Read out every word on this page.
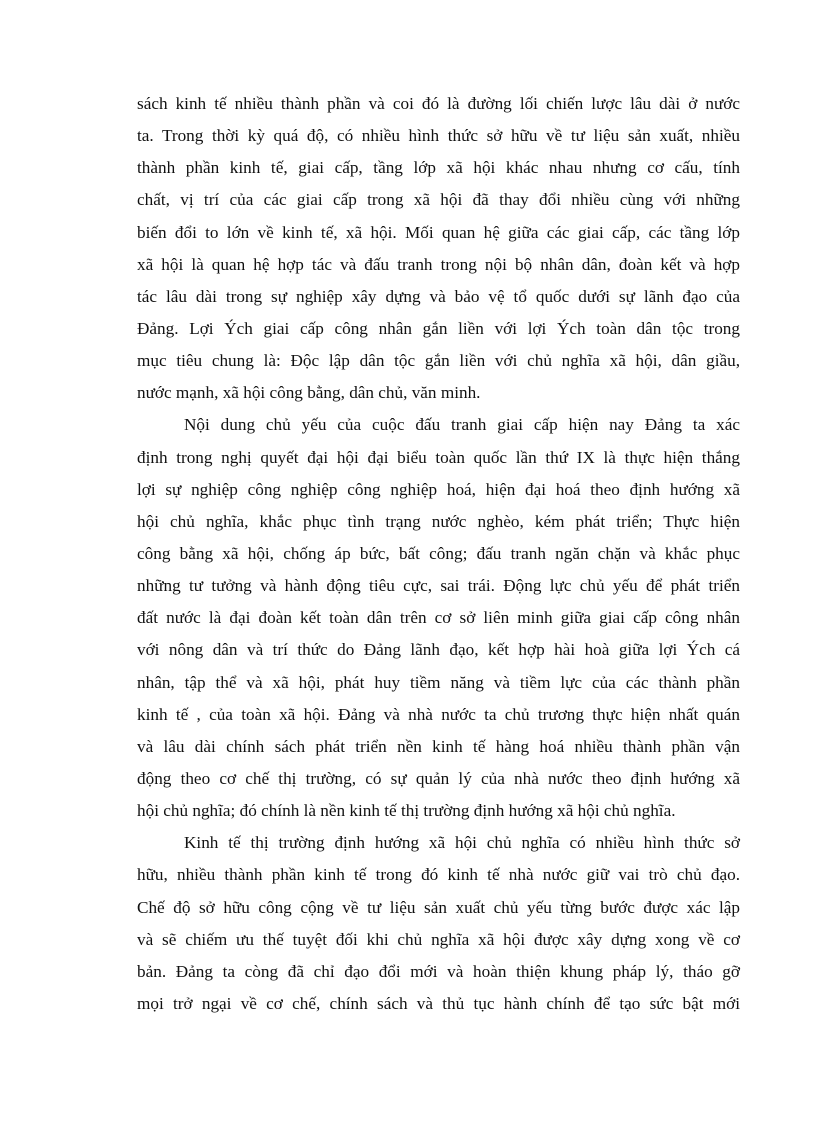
sách kinh tế nhiều thành phần và coi đó là đường lối chiến lược lâu dài ở nước
ta. Trong thời kỳ quá độ, có nhiều hình thức sở hữu về tư liệu sản xuất, nhiều
thành phần kinh tế, giai cấp, tầng lớp xã hội khác nhau nhưng cơ cấu, tính
chất, vị trí của các giai cấp trong xã hội đã thay đổi nhiều cùng với những
biến đổi to lớn về kinh tế, xã hội. Mối quan hệ giữa các giai cấp, các tầng lớp
xã hội là quan hệ hợp tác và đấu tranh trong nội bộ nhân dân, đoàn kết và hợp
tác lâu dài trong sự nghiệp xây dựng và bảo vệ tổ quốc dưới sự lãnh đạo của
Đảng. Lợi Ých giai cấp công nhân gắn liền với lợi Ých toàn dân tộc trong
mục tiêu chung là: Độc lập dân tộc gắn liền với chủ nghĩa xã hội, dân giầu,
nước mạnh, xã hội công bằng, dân chủ, văn minh.
Nội dung chủ yếu của cuộc đấu tranh giai cấp hiện nay Đảng ta xác
định trong nghị quyết đại hội đại biểu toàn quốc lần thứ IX là thực hiện thắng
lợi sự nghiệp công nghiệp công nghiệp hoá, hiện đại hoá theo định hướng xã
hội chủ nghĩa, khắc phục tình trạng nước nghèo, kém phát triển; Thực hiện
công bằng xã hội, chống áp bức, bất công; đấu tranh ngăn chặn và khắc phục
những tư tưởng và hành động tiêu cực, sai trái. Động lực chủ yếu để phát triển
đất nước là đại đoàn kết toàn dân trên cơ sở liên minh giữa giai cấp công nhân
với nông dân và trí thức do Đảng lãnh đạo, kết hợp hài hoà giữa lợi Ých cá
nhân, tập thể và xã hội, phát huy tiềm năng và tiềm lực của các thành phần
kinh tế , của toàn xã hội. Đảng và nhà nước ta chủ trương thực hiện nhất quán
và lâu dài chính sách phát triển nền kinh tế hàng hoá nhiều thành phần vận
động theo cơ chế thị trường, có sự quản lý của nhà nước theo định hướng xã
hội chủ nghĩa; đó chính là nền kinh tế thị trường định hướng xã hội chủ nghĩa.
Kinh tế thị trường định hướng xã hội chủ nghĩa có nhiều hình thức sở
hữu, nhiều thành phần kinh tế trong đó kinh tế nhà nước giữ vai trò chủ đạo.
Chế độ sở hữu công cộng về tư liệu sản xuất chủ yếu từng bước được xác lập
và sẽ chiếm ưu thế tuyệt đối khi chủ nghĩa xã hội được xây dựng xong về cơ
bản. Đảng ta còng đã chỉ đạo đổi mới và hoàn thiện khung pháp lý, tháo gỡ
mọi trở ngại về cơ chế, chính sách và thủ tục hành chính để tạo sức bật mới
